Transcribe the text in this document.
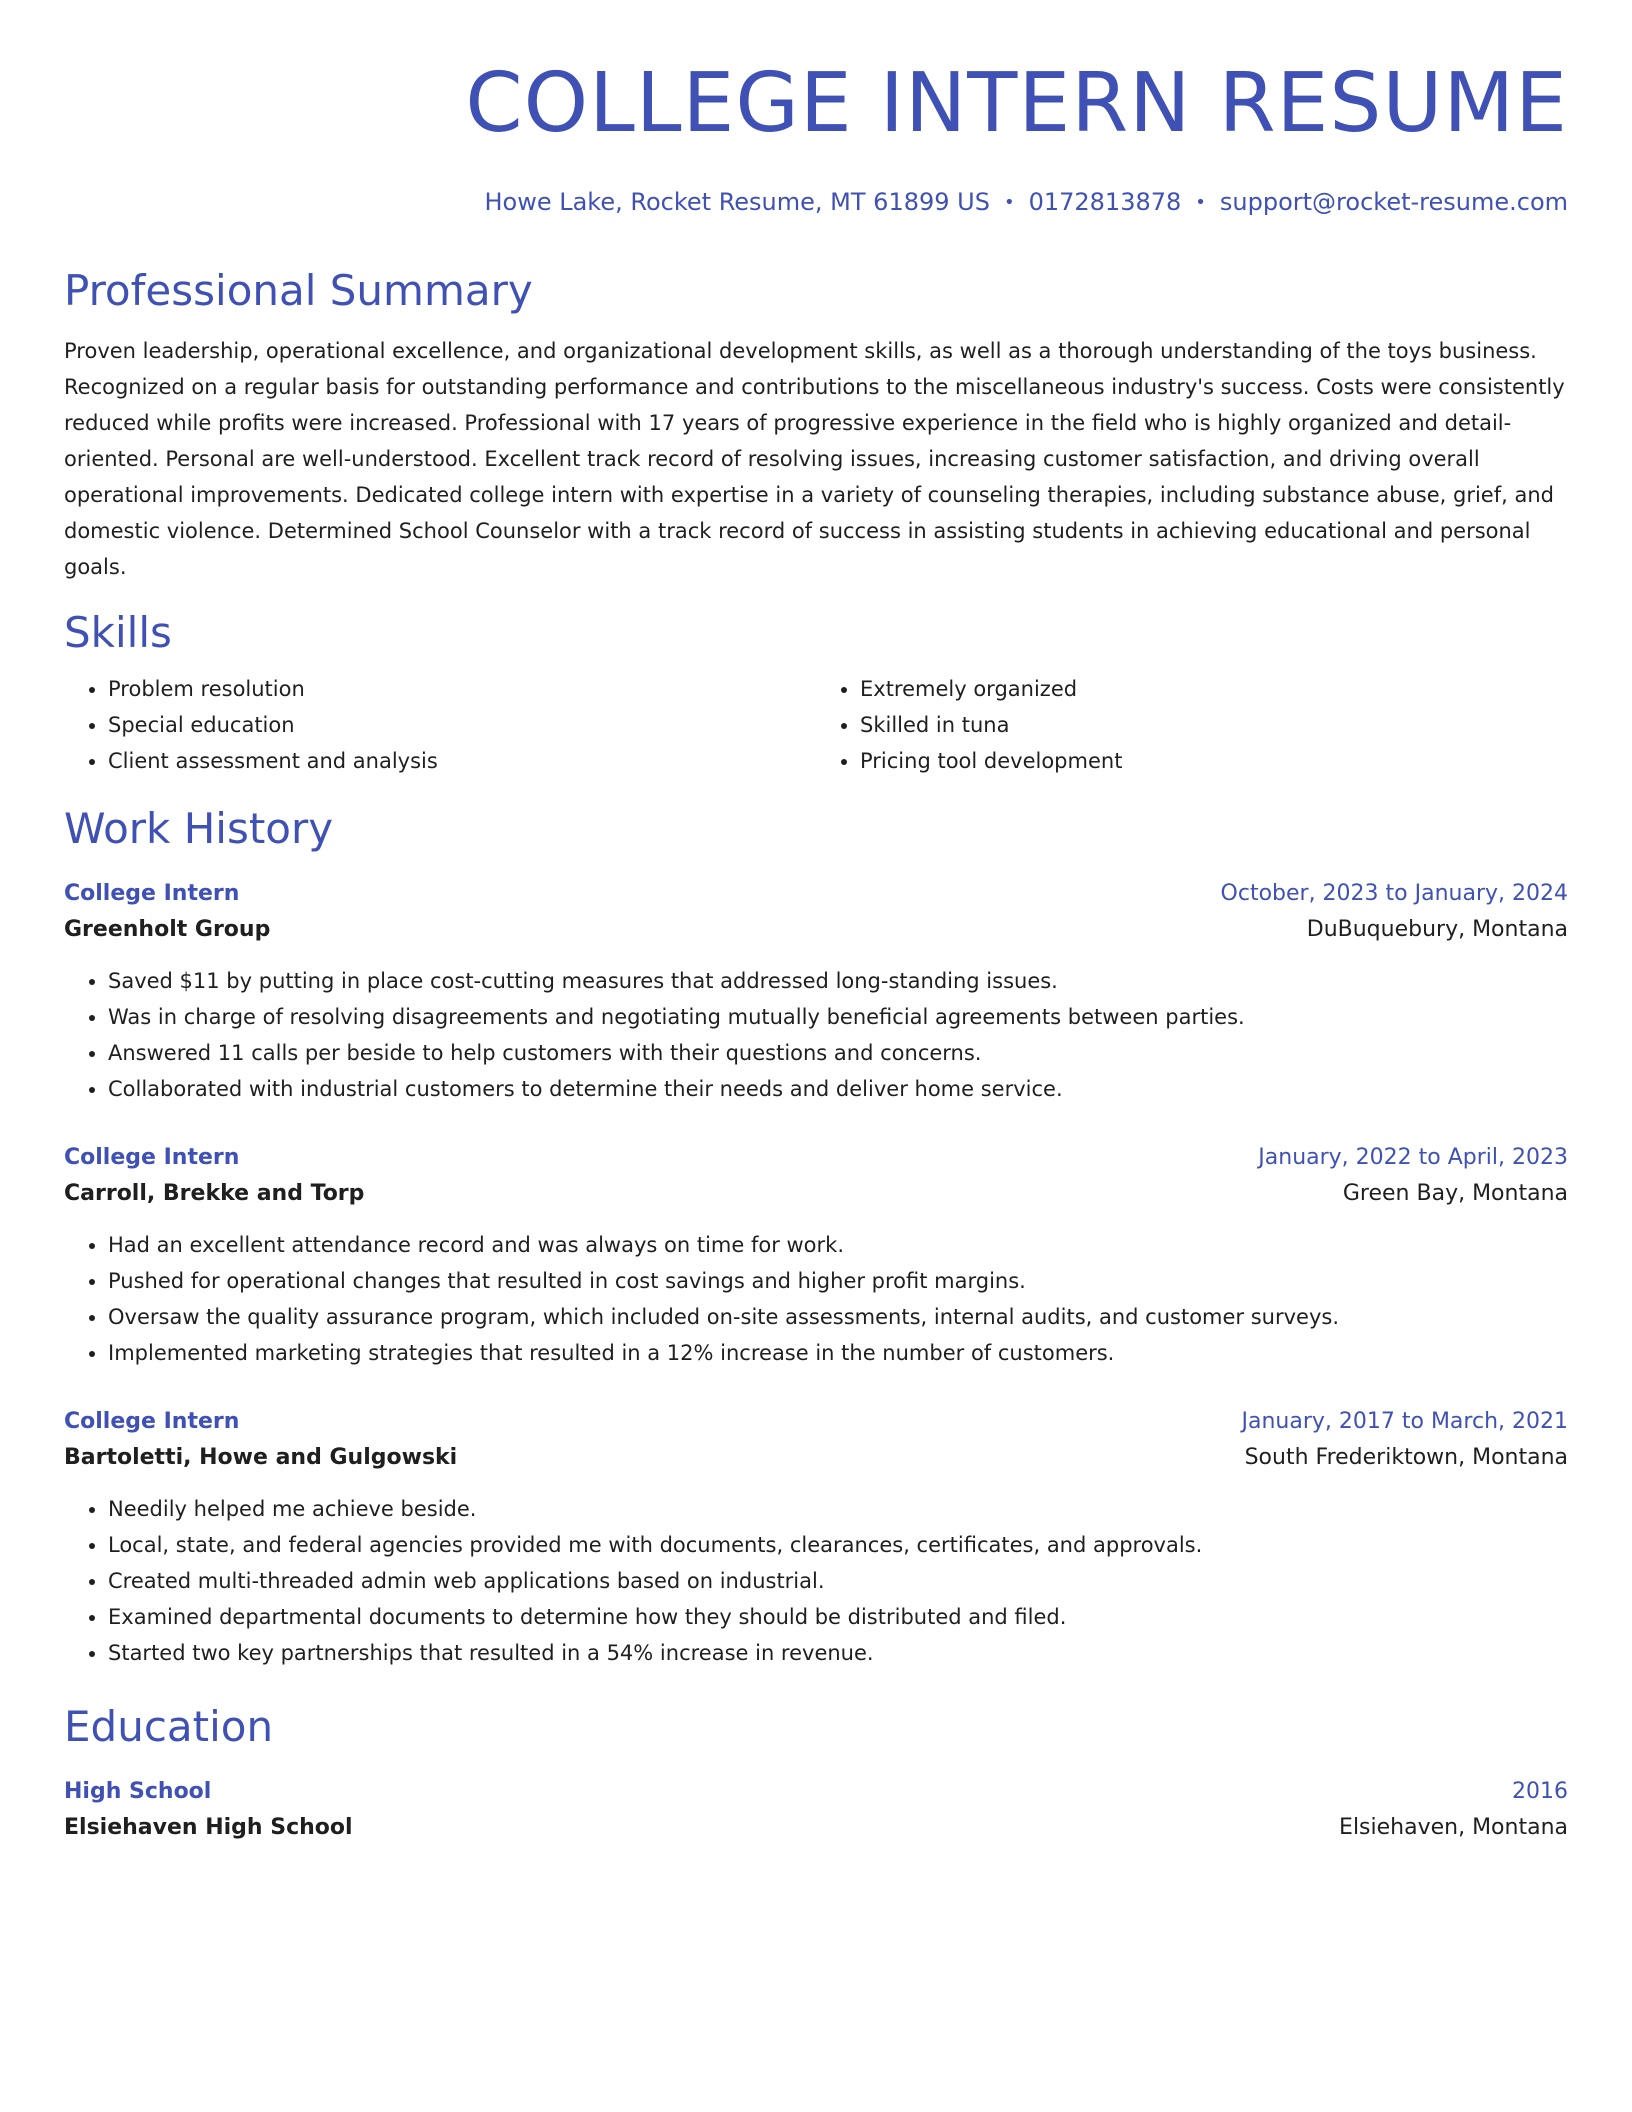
COLLEGE INTERN RESUME
Howe Lake, Rocket Resume, MT 61899 US • 0172813878 • support@rocket-resume.com
Professional Summary

Proven leadership, operational excellence, and organizational development skills, as well as a thorough understanding of the toys business. Recognized on a regular basis for outstanding performance and contributions to the miscellaneous industry's success. Costs were consistently reduced while profits were increased. Professional with 17 years of progressive experience in the field who is highly organized and detail-oriented. Personal are well-understood. Excellent track record of resolving issues, increasing customer satisfaction, and driving overall operational improvements. Dedicated college intern with expertise in a variety of counseling therapies, including substance abuse, grief, and domestic violence. Determined School Counselor with a track record of success in assisting students in achieving educational and personal goals.

Skills
• Problem resolution
• Special education
• Client assessment and analysis
• Extremely organized
• Skilled in tuna
• Pricing tool development
Work History
College Intern	October, 2023 to January, 2024
Greenholt Group	DuBuquebury, Montana
• Saved $11 by putting in place cost-cutting measures that addressed long-standing issues.
• Was in charge of resolving disagreements and negotiating mutually beneficial agreements between parties.
• Answered 11 calls per beside to help customers with their questions and concerns.
• Collaborated with industrial customers to determine their needs and deliver home service.
College Intern	January, 2022 to April, 2023
Carroll, Brekke and Torp	Green Bay, Montana
• Had an excellent attendance record and was always on time for work.
• Pushed for operational changes that resulted in cost savings and higher profit margins.
• Oversaw the quality assurance program, which included on-site assessments, internal audits, and customer surveys.
• Implemented marketing strategies that resulted in a 12% increase in the number of customers.
College Intern	January, 2017 to March, 2021
Bartoletti, Howe and Gulgowski	South Frederiktown, Montana
• Needily helped me achieve beside.
• Local, state, and federal agencies provided me with documents, clearances, certificates, and approvals.
• Created multi-threaded admin web applications based on industrial.
• Examined departmental documents to determine how they should be distributed and filed.
• Started two key partnerships that resulted in a 54% increase in revenue.
Education
High School	2016
Elsiehaven High School	Elsiehaven, Montana
